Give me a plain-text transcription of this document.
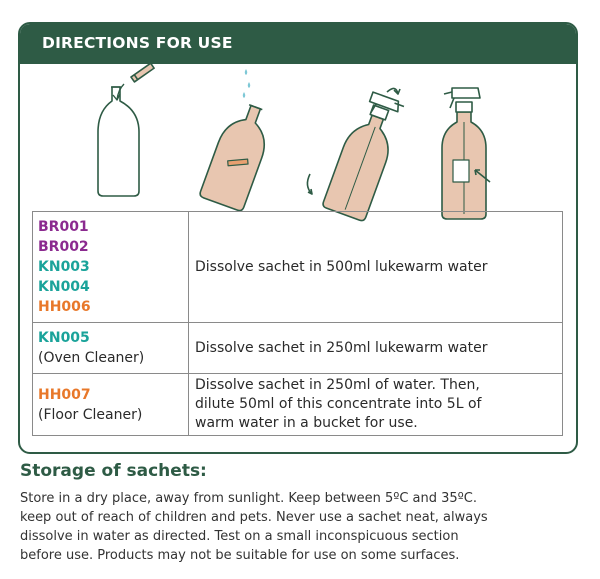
DIRECTIONS FOR USE
BR001
BR002
KN003
KN004
HH006	Dissolve sachet in 500ml lukewarm water

KN005
(Oven Cleaner)	Dissolve sachet in 250ml lukewarm water

HH007
(Floor Cleaner)	Dissolve sachet in 250ml of water. Then,
dilute 50ml of this concentrate into 5L of
warm water in a bucket for use.
Storage of sachets:
Store in a dry place, away from sunlight. Keep between 5ºC and 35ºC.
keep out of reach of children and pets. Never use a sachet neat, always
dissolve in water as directed. Test on a small inconspicuous section
before use. Products may not be suitable for use on some surfaces.
